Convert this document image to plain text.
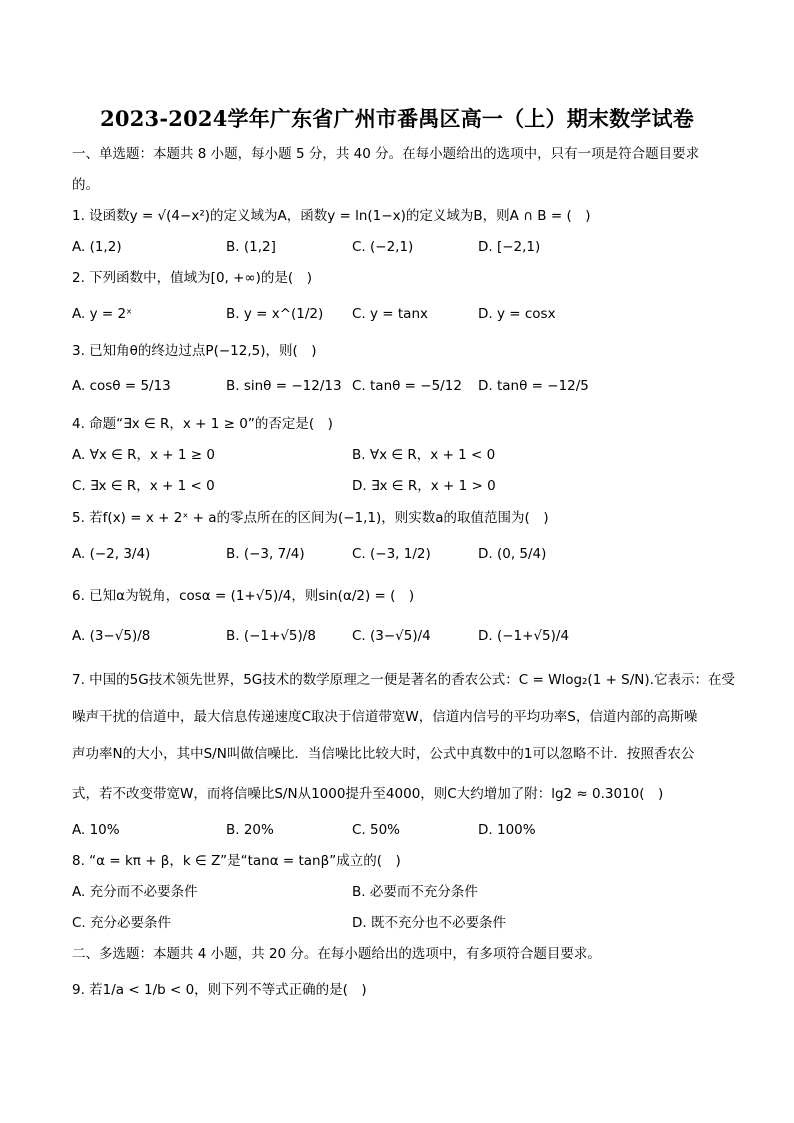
2023-2024学年广东省广州市番禺区高一（上）期末数学试卷
一、单选题：本题共 8 小题，每小题 5 分，共 40 分。在每小题给出的选项中，只有一项是符合题目要求
的。
1. 设函数y = √(4−x²)的定义域为A，函数y = ln(1−x)的定义域为B，则A ∩ B = (　)
A. (1,2)	B. (1,2]	C. (−2,1)	D. [−2,1)
2. 下列函数中，值域为[0, +∞)的是(　)
A. y = 2ˣ	B. y = x^(1/2) C. y = tanx	D. y = cosx
3. 已知角θ的终边过点P(−12,5)，则(　)
A. cosθ = 5/13	B. sinθ = −12/13 C. tanθ = −5/12 D. tanθ = −12/5
4. 命题“∃x ∈ R，x + 1 ≥ 0”的否定是(　)
A. ∀x ∈ R，x + 1 ≥ 0	B. ∀x ∈ R，x + 1 < 0
C. ∃x ∈ R，x + 1 < 0	D. ∃x ∈ R，x + 1 > 0
5. 若f(x) = x + 2ˣ + a的零点所在的区间为(−1,1)，则实数a的取值范围为(　)
A. (−2, 3/4)	B. (−3, 7/4)	C. (−3, 1/2)	D. (0, 5/4)
6. 已知α为锐角，cosα = (1+√5)/4，则sin(α/2) = (　)
A. (3−√5)/8	B. (−1+√5)/8	C. (3−√5)/4	D. (−1+√5)/4
7. 中国的5G技术领先世界，5G技术的数学原理之一便是著名的香农公式：C = Wlog₂(1 + S/N).它表示：在受
噪声干扰的信道中，最大信息传递速度C取决于信道带宽W，信道内信号的平均功率S，信道内部的高斯噪
声功率N的大小，其中S/N叫做信噪比．当信噪比比较大时，公式中真数中的1可以忽略不计．按照香农公
式，若不改变带宽W，而将信噪比S/N从1000提升至4000，则C大约增加了附：lg2 ≈ 0.3010(　)
A. 10%	B. 20%	C. 50%	D. 100%
8. “α = kπ + β，k ∈ Z”是“tanα = tanβ”成立的(　)
A. 充分而不必要条件	B. 必要而不充分条件
C. 充分必要条件	D. 既不充分也不必要条件
二、多选题：本题共 4 小题，共 20 分。在每小题给出的选项中，有多项符合题目要求。
9. 若1/a < 1/b < 0，则下列不等式正确的是(　)
